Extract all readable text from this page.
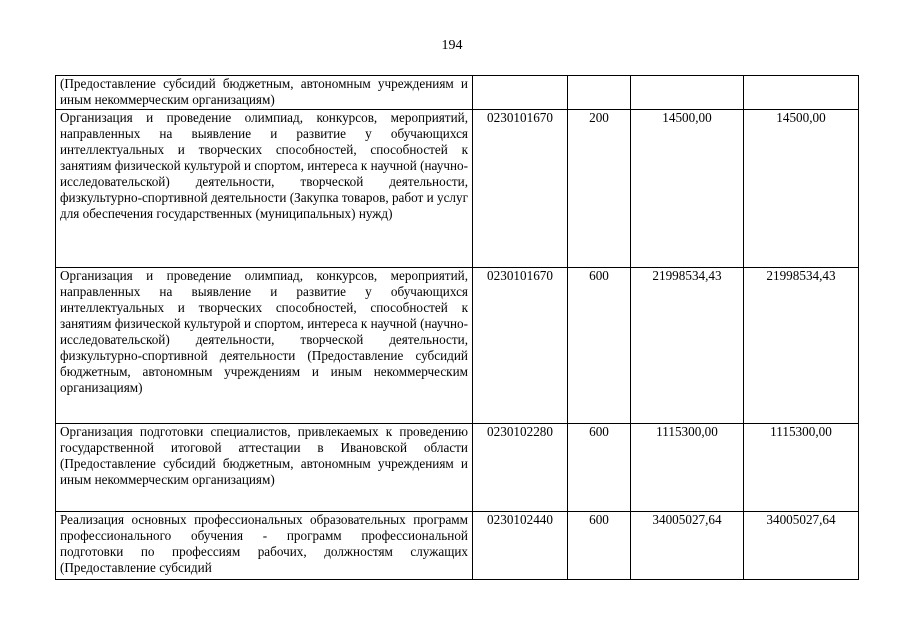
194
(Предоставление субсидий бюджетным, автономным учреждениям и иным некоммерческим организациям)				
Организация и проведение олимпиад, конкурсов, мероприятий, направленных на выявление и развитие у обучающихся интеллектуальных и творческих способностей, способностей к занятиям физической культурой и спортом, интереса к научной (научно-исследовательской) деятельности, творческой деятельности, физкультурно-спортивной деятельности (Закупка товаров, работ и услуг для обеспечения государственных (муниципальных) нужд)	0230101670	200	14500,00	14500,00
Организация и проведение олимпиад, конкурсов, мероприятий, направленных на выявление и развитие у обучающихся интеллектуальных и творческих способностей, способностей к занятиям физической культурой и спортом, интереса к научной (научно-исследовательской) деятельности, творческой деятельности, физкультурно-спортивной деятельности (Предоставление субсидий бюджетным, автономным учреждениям и иным некоммерческим организациям)	0230101670	600	21998534,43	21998534,43
Организация подготовки специалистов, привлекаемых к проведению государственной итоговой аттестации в Ивановской области (Предоставление субсидий бюджетным, автономным учреждениям и иным некоммерческим организациям)	0230102280	600	1115300,00	1115300,00
Реализация основных профессиональных образовательных программ профессионального обучения - программ профессиональной подготовки по профессиям рабочих, должностям служащих (Предоставление субсидий	0230102440	600	34005027,64	34005027,64
